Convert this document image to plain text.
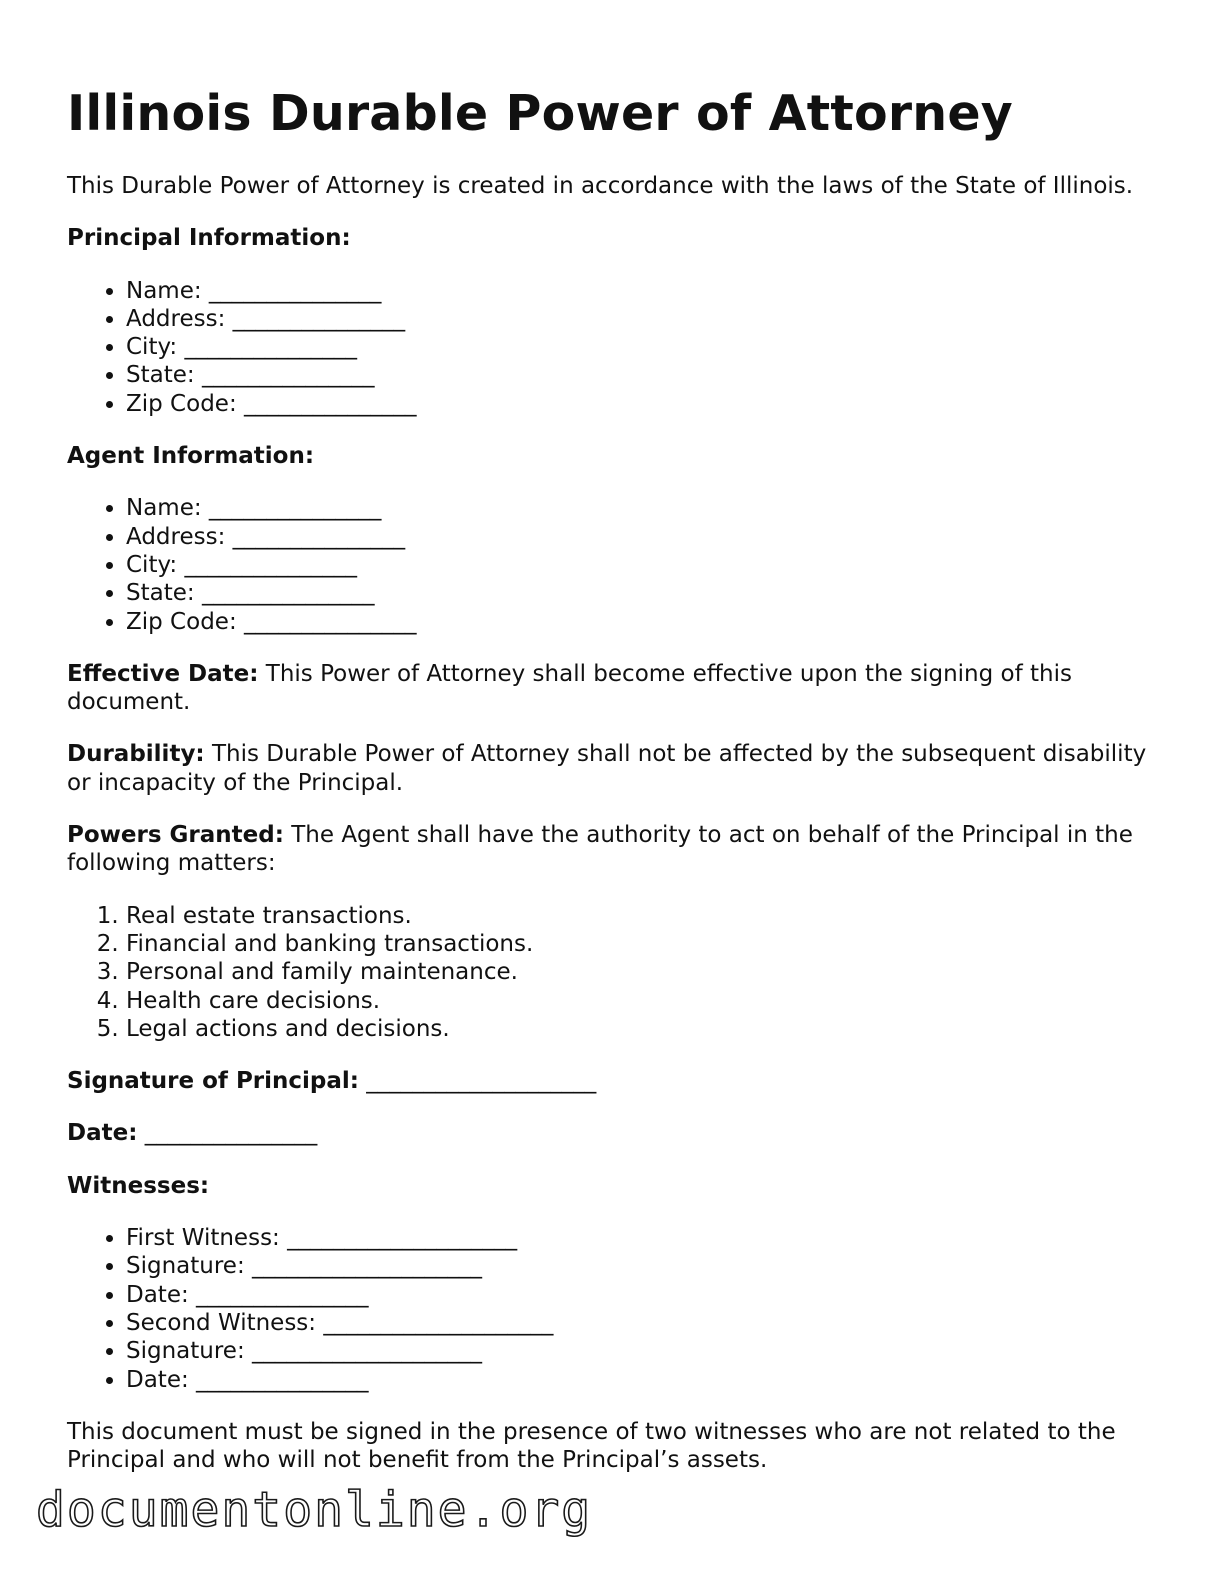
Illinois Durable Power of Attorney

This Durable Power of Attorney is created in accordance with the laws of the State of Illinois.

Principal Information:

• Name: _______________
• Address: _______________
• City: _______________
• State: _______________
• Zip Code: _______________

Agent Information:

• Name: _______________
• Address: _______________
• City: _______________
• State: _______________
• Zip Code: _______________

Effective Date: This Power of Attorney shall become effective upon the signing of this document.

Durability: This Durable Power of Attorney shall not be affected by the subsequent disability or incapacity of the Principal.

Powers Granted: The Agent shall have the authority to act on behalf of the Principal in the following matters:

1. Real estate transactions.
2. Financial and banking transactions.
3. Personal and family maintenance.
4. Health care decisions.
5. Legal actions and decisions.

Signature of Principal: ____________________

Date: _______________

Witnesses:

• First Witness: ____________________
• Signature: ____________________
• Date: _______________
• Second Witness: ____________________
• Signature: ____________________
• Date: _______________

This document must be signed in the presence of two witnesses who are not related to the Principal and who will not benefit from the Principal’s assets.

documentonline.org
